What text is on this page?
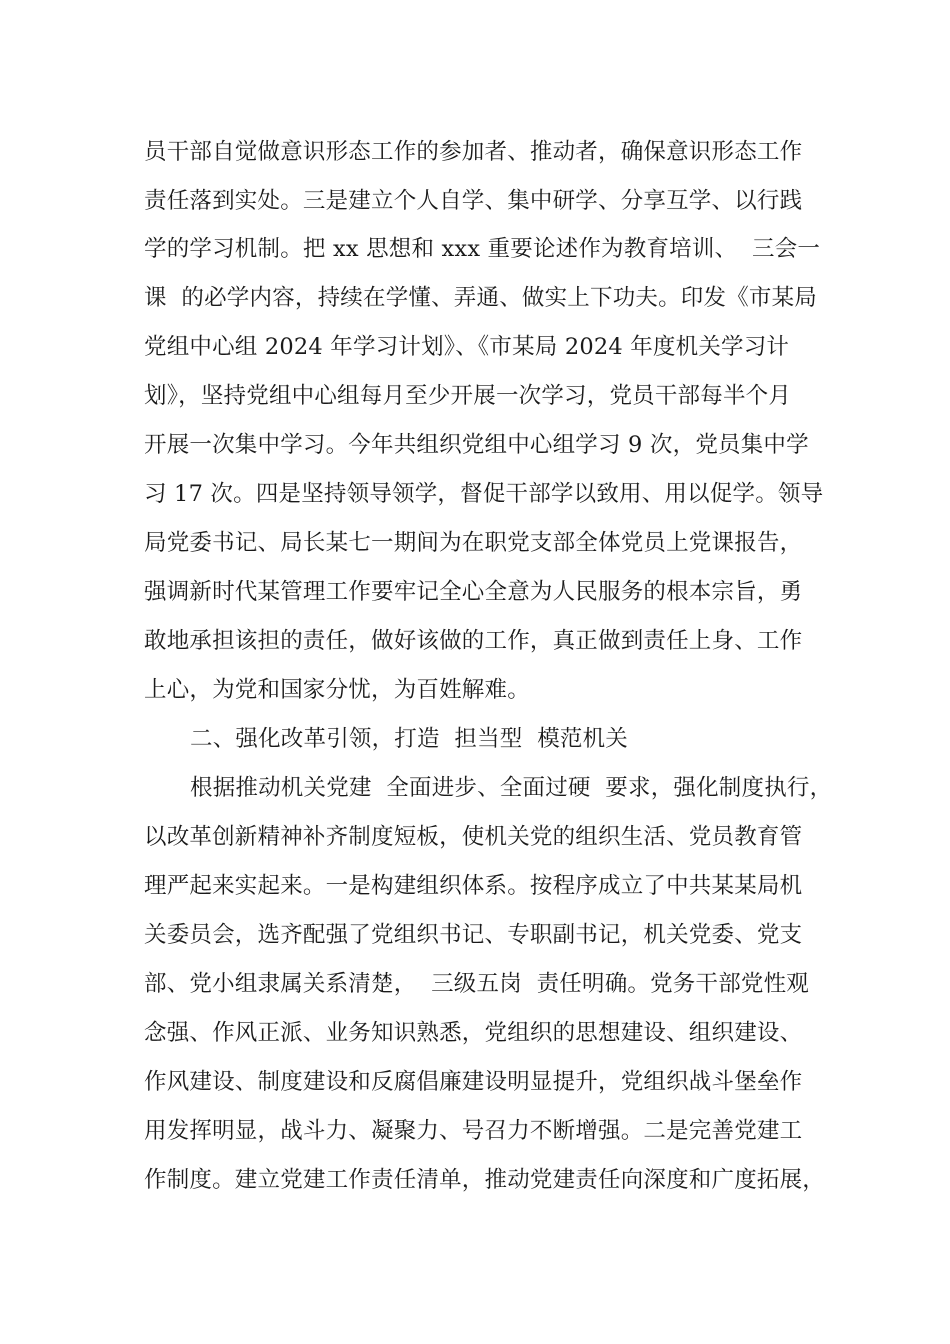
员干部自觉做意识形态工作的参加者、推动者，确保意识形态工作
责任落到实处。三是建立个人自学、集中研学、分享互学、以行践
学的学习机制。把 xx 思想和 xxx 重要论述作为教育培训、  三会一
课  的必学内容，持续在学懂、弄通、做实上下功夫。印发《市某局
党组中心组 2024 年学习计划》、《市某局 2024 年度机关学习计
划》，坚持党组中心组每月至少开展一次学习，党员干部每半个月
开展一次集中学习。今年共组织党组中心组学习 9 次，党员集中学
习 17 次。四是坚持领导领学，督促干部学以致用、用以促学。领导
局党委书记、局长某七一期间为在职党支部全体党员上党课报告，
强调新时代某管理工作要牢记全心全意为人民服务的根本宗旨，勇
敢地承担该担的责任，做好该做的工作，真正做到责任上身、工作
上心，为党和国家分忧，为百姓解难。
二、强化改革引领，打造  担当型  模范机关
根据推动机关党建  全面进步、全面过硬  要求，强化制度执行，
以改革创新精神补齐制度短板，使机关党的组织生活、党员教育管
理严起来实起来。一是构建组织体系。按程序成立了中共某某局机
关委员会，选齐配强了党组织书记、专职副书记，机关党委、党支
部、党小组隶属关系清楚，  三级五岗  责任明确。党务干部党性观
念强、作风正派、业务知识熟悉，党组织的思想建设、组织建设、
作风建设、制度建设和反腐倡廉建设明显提升，党组织战斗堡垒作
用发挥明显，战斗力、凝聚力、号召力不断增强。二是完善党建工
作制度。建立党建工作责任清单，推动党建责任向深度和广度拓展，
